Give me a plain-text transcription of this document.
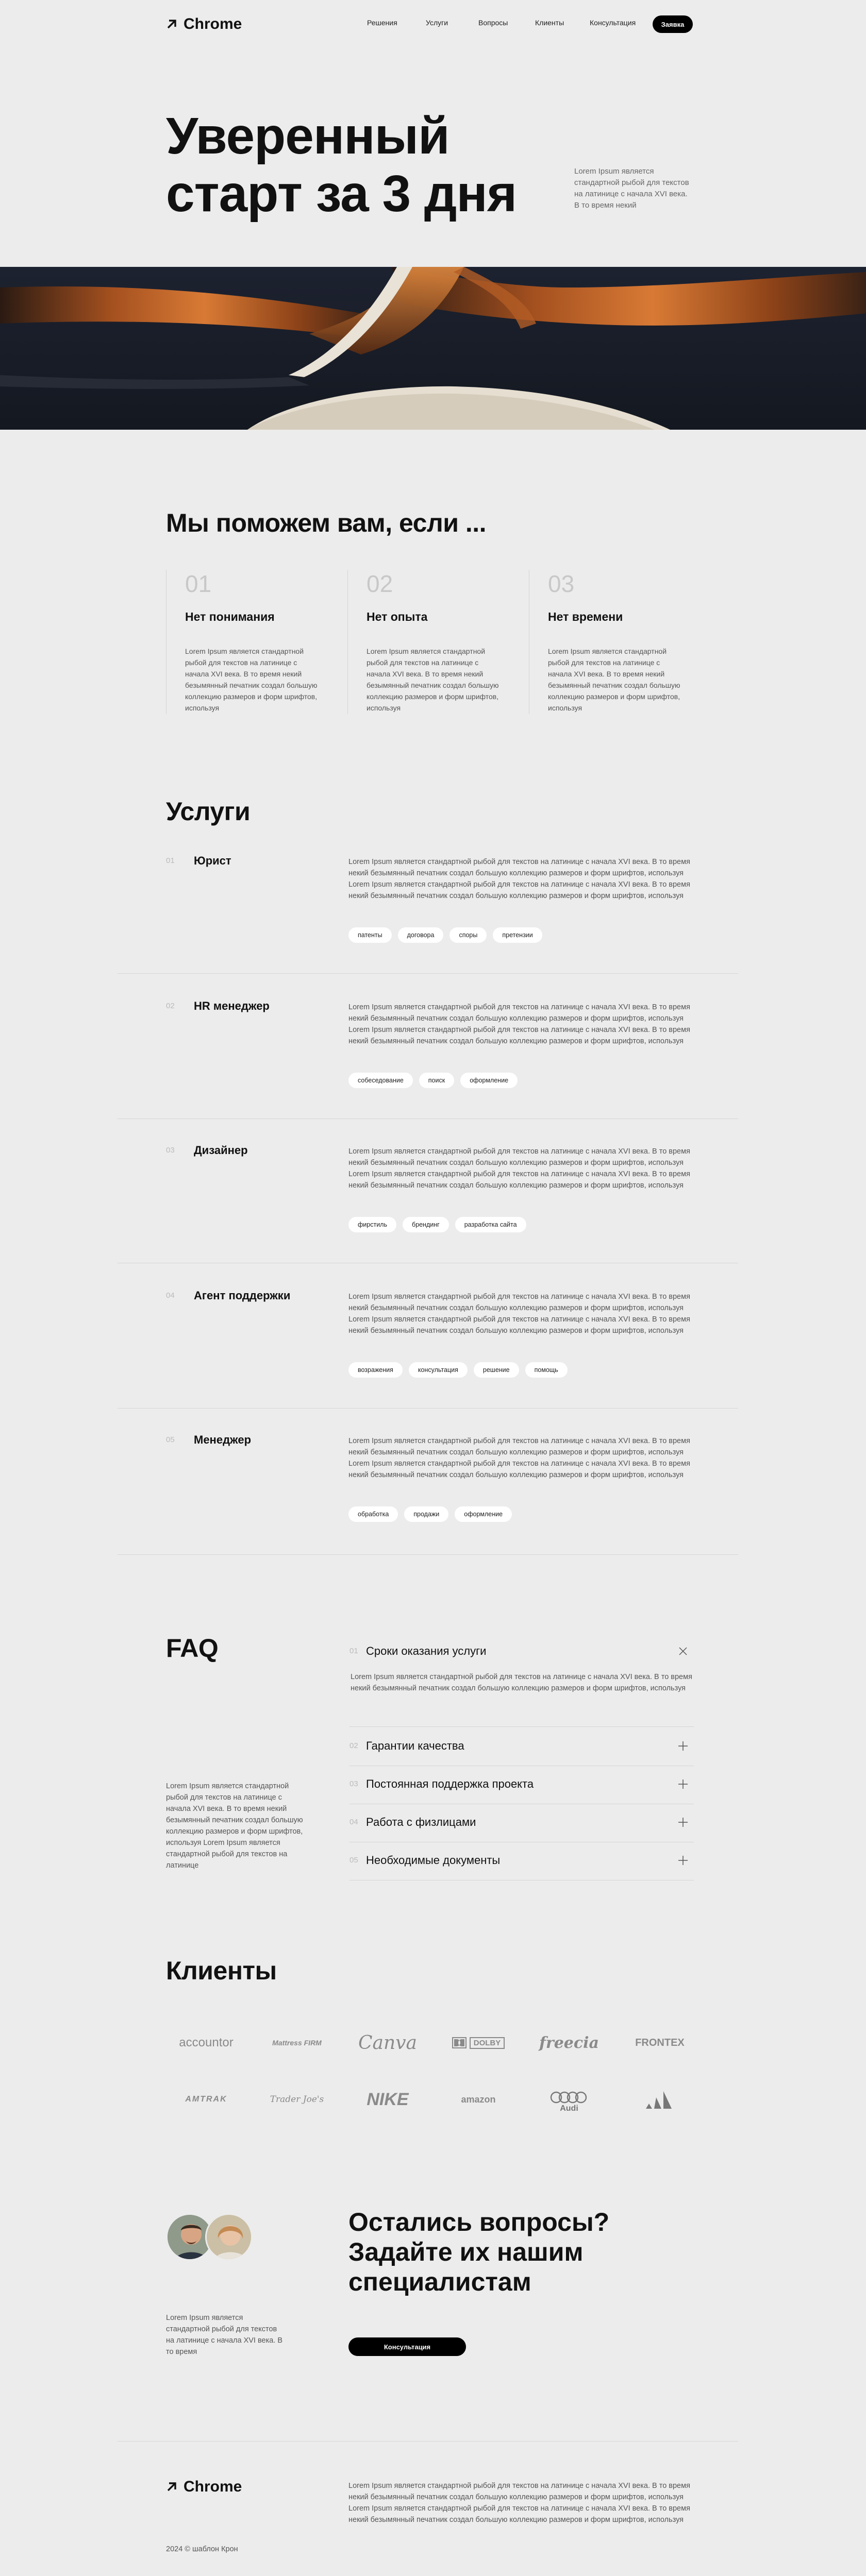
Chrome	Решения	Услуги	Вопросы	Клиенты	Консультация	Заявка
Уверенный
старт за 3 дня	Lorem Ipsum является стандартной рыбой для текстов на латинице с начала XVI века. В то время некий
Мы поможем вам, если ...
01
Нет понимания
Lorem Ipsum является стандартной рыбой для текстов на латинице с начала XVI века. В то время некий безымянный печатник создал большую коллекцию размеров и форм шрифтов, используя
02
Нет опыта
Lorem Ipsum является стандартной рыбой для текстов на латинице с начала XVI века. В то время некий безымянный печатник создал большую коллекцию размеров и форм шрифтов, используя
03
Нет времени
Lorem Ipsum является стандартной рыбой для текстов на латинице с начала XVI века. В то время некий безымянный печатник создал большую коллекцию размеров и форм шрифтов, используя
Услуги
01 Юрист	Lorem Ipsum является стандартной рыбой для текстов на латинице с начала XVI века. В то время некий безымянный печатник создал большую коллекцию размеров и форм шрифтов, используя Lorem Ipsum является стандартной рыбой для текстов на латинице с начала XVI века. В то время некий безымянный печатник создал большую коллекцию размеров и форм шрифтов, используя
патенты	договора	споры	претензии
02 HR менеджер	Lorem Ipsum является стандартной рыбой для текстов на латинице с начала XVI века. В то время некий безымянный печатник создал большую коллекцию размеров и форм шрифтов, используя Lorem Ipsum является стандартной рыбой для текстов на латинице с начала XVI века. В то время некий безымянный печатник создал большую коллекцию размеров и форм шрифтов, используя
собеседование	поиск	оформление
03 Дизайнер	Lorem Ipsum является стандартной рыбой для текстов на латинице с начала XVI века. В то время некий безымянный печатник создал большую коллекцию размеров и форм шрифтов, используя Lorem Ipsum является стандартной рыбой для текстов на латинице с начала XVI века. В то время некий безымянный печатник создал большую коллекцию размеров и форм шрифтов, используя
фирстиль	брендинг	разработка сайта
04 Агент поддержки	Lorem Ipsum является стандартной рыбой для текстов на латинице с начала XVI века. В то время некий безымянный печатник создал большую коллекцию размеров и форм шрифтов, используя Lorem Ipsum является стандартной рыбой для текстов на латинице с начала XVI века. В то время некий безымянный печатник создал большую коллекцию размеров и форм шрифтов, используя
возражения	консультация	решение	помощь
05 Менеджер	Lorem Ipsum является стандартной рыбой для текстов на латинице с начала XVI века. В то время некий безымянный печатник создал большую коллекцию размеров и форм шрифтов, используя Lorem Ipsum является стандартной рыбой для текстов на латинице с начала XVI века. В то время некий безымянный печатник создал большую коллекцию размеров и форм шрифтов, используя
обработка	продажи	оформление
FAQ
Lorem Ipsum является стандартной рыбой для текстов на латинице с начала XVI века. В то время некий безымянный печатник создал большую коллекцию размеров и форм шрифтов, используя Lorem Ipsum является стандартной рыбой для текстов на латинице
01 Сроки оказания услуги
Lorem Ipsum является стандартной рыбой для текстов на латинице с начала XVI века. В то время некий безымянный печатник создал большую коллекцию размеров и форм шрифтов, используя
02 Гарантии качества
03 Постоянная поддержка проекта
04 Работа с физлицами
05 Необходимые документы
Клиенты
accountor	Mattress FIRM	Canva	DOLBY	freecia	FRONTEX
AMTRAK	Trader Joe's	NIKE	amazon
Audi
Остались вопросы?
Задайте их нашим
специалистам
Lorem Ipsum является стандартной рыбой для текстов на латинице с начала XVI века. В то время
Консультация
Chrome	Lorem Ipsum является стандартной рыбой для текстов на латинице с начала XVI века. В то время некий безымянный печатник создал большую коллекцию размеров и форм шрифтов, используя Lorem Ipsum является стандартной рыбой для текстов на латинице с начала XVI века. В то время некий безымянный печатник создал большую коллекцию размеров и форм шрифтов, используя
2024 © шаблон Крон
